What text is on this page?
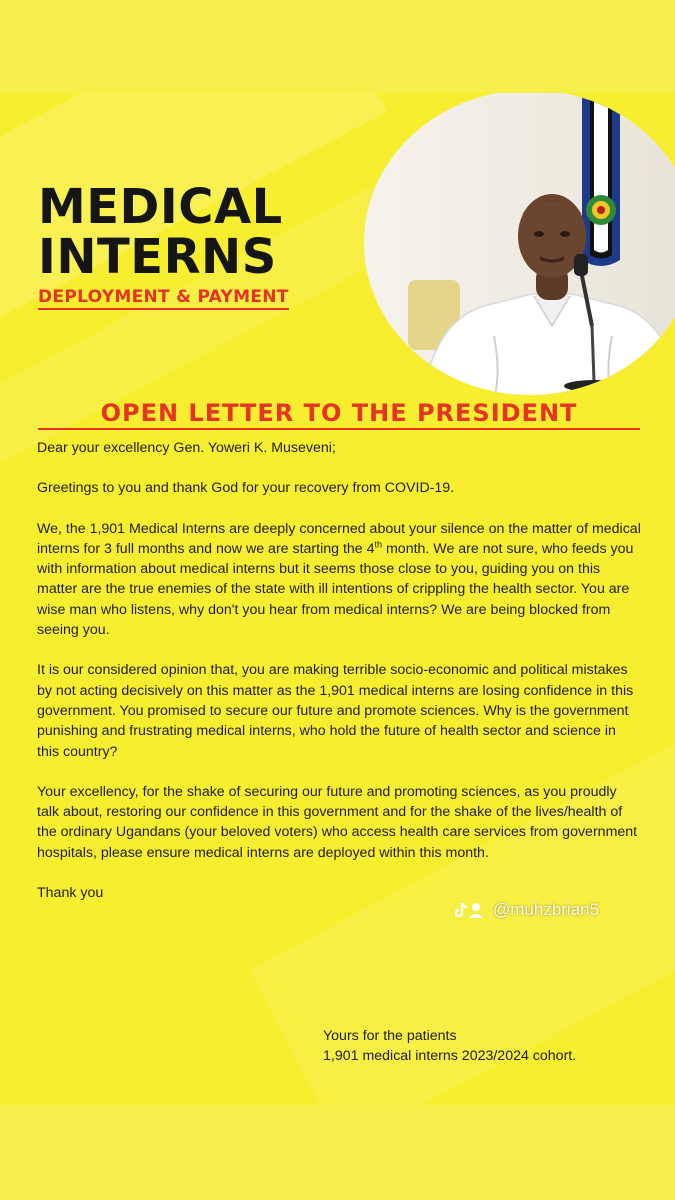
MEDICAL
INTERNS
DEPLOYMENT & PAYMENT
OPEN LETTER TO THE PRESIDENT

Dear your excellency Gen. Yoweri K. Museveni;

Greetings to you and thank God for your recovery from COVID-19.

We, the 1,901 Medical Interns are deeply concerned about your silence on the matter of medical interns for 3 full months and now we are starting the 4th month. We are not sure, who feeds you with information about medical interns but it seems those close to you, guiding you on this matter are the true enemies of the state with ill intentions of crippling the health sector. You are wise man who listens, why don't you hear from medical interns? We are being blocked from seeing you.

It is our considered opinion that, you are making terrible socio-economic and political mistakes by not acting decisively on this matter as the 1,901 medical interns are losing confidence in this government. You promised to secure our future and promote sciences. Why is the government punishing and frustrating medical interns, who hold the future of health sector and science in this country?

Your excellency, for the shake of securing our future and promoting sciences, as you proudly talk about, restoring our confidence in this government and for the shake of the lives/health of the ordinary Ugandans (your beloved voters) who access health care services from government hospitals, please ensure medical interns are deployed within this month.

Thank you

Yours for the patients
1,901 medical interns 2023/2024 cohort.
@muhzbrian5
